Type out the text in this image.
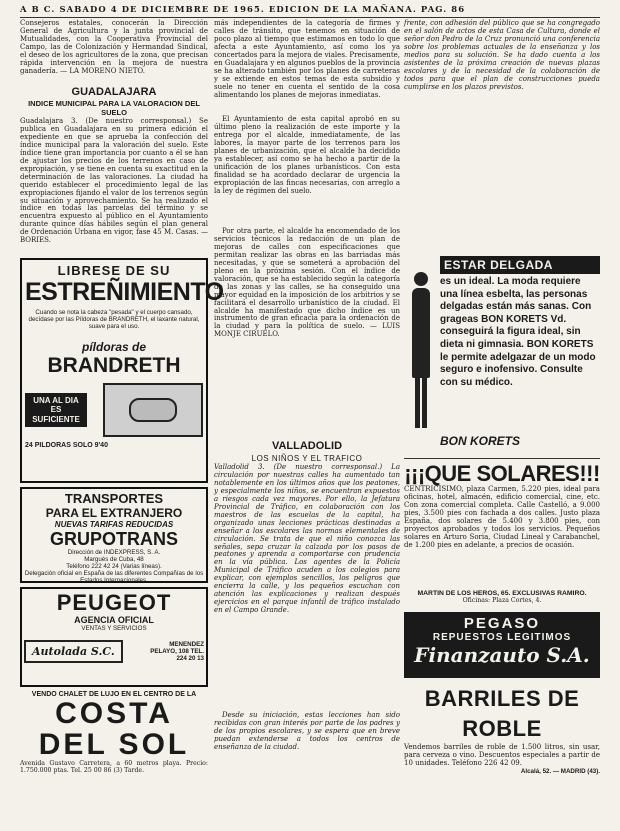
A B C. SABADO 4 DE DICIEMBRE DE 1965. EDICION DE LA MAÑANA. PAG. 86

Consejeros estatales, conocerán la Dirección General de Agricultura y la junta provincial de Mutualidades, con la Cooperativa Provincial del Campo, las de Colonización y Hermandad Sindical, el deseo de los agricultores de la zona, que precisan rápida intervención en la mejora de nuestra ganadería. — LA MORENO NIETO.

GUADALAJARA
INDICE MUNICIPAL PARA LA VALORACION DEL SUELO

Guadalajara 3. (De nuestro corresponsal.) Se publica en Guadalajara en su primera edición el expediente en que se aprueba la confección del índice municipal para la valoración del suelo. Este índice tiene gran importancia por cuanto a él se han de ajustar los precios de los terrenos en caso de expropiación, y se tiene en cuenta su exactitud en la determinación de las valoraciones. La ciudad ha querido establecer el procedimiento legal de las expropiaciones fijando el valor de los terrenos según su situación y aprovechamiento. Se ha realizado el índice en todas las parcelas del término y se encuentra expuesto al público en el Ayuntamiento durante quince días hábiles según el plan general de Ordenación Urbana en vigor, fase 45 M. Casas. — BORIES.

LIBRESE DE SU
ESTREÑIMIENTO
Cuando se nota la cabeza "pesada" y el cuerpo cansado, decídase por las Píldoras de BRANDRETH, el laxante natural, suave para el uso.
píldoras de
BRANDRETH
UNA AL DIA ES SUFICIENTE
24 PILDORAS SOLO 9'40
TRANSPORTES
PARA EL EXTRANJERO
NUEVAS TARIFAS REDUCIDAS
GRUPOTRANS
Dirección de INDEXPRESS, S. A.
Margués de Cuba, 48
Teléfono 222 42 24 (Varias líneas).
Delegación oficial en España de las diferentes Compañías de los Estados Internacionales.
PEUGEOT
AGENCIA OFICIAL
VENTAS Y SERVICIOS
Autolada S.C.
MENENDEZ PELAYO, 108 TEL. 224 20 13
VENDO CHALET DE LUJO EN EL CENTRO DE LA
COSTA
DEL SOL
Avenida Gustavo Carretera, a 60 metros playa. Precio: 1.750.000 ptas. Tel. 25 00 86 (3) Tarde.

más independientes de la categoría de firmes y calles de tránsito, que tenemos en situación de poco plazo al tiempo que estimamos en todo lo que afecta a este Ayuntamiento, así como los ya concertados para la mejora de viales. Precisamente, en Guadalajara y en algunos pueblos de la provincia se ha alterado también por los planes de carreteras y se extiende en estos temas de esta subsidio y suele no tener en cuenta el sentido de la cosa alimentando los planes de mejoras inmediatas.

El Ayuntamiento de esta capital aprobó en su último pleno la realización de este importe y la entrega por el alcalde, inmediatamente, de las labores, la mayor parte de los terrenos para los planes de urbanización, que el alcalde ha decidido ya establecer, así como se ha hecho a partir de la unificación de los planes urbanísticos. Con esta finalidad se ha acordado declarar de urgencia la expropiación de las fincas necesarias, con arreglo a la ley de régimen del suelo.

Por otra parte, el alcalde ha encomendado de los servicios técnicos la redacción de un plan de mejoras de calles con especificaciones que permitan realizar las obras en las barriadas más necesitadas, y que se someterá a aprobación del pleno en la próxima sesión. Con el índice de valoración, que se ha establecido según la categoría de las zonas y las calles, se ha conseguido una mayor equidad en la imposición de los arbitrios y se facilitará el desarrollo urbanístico de la ciudad. El alcalde ha manifestado que dicho índice es un instrumento de gran eficacia para la ordenación de la ciudad y para la política de suelo. — LUIS MONJE CIRUELO.

VALLADOLID
LOS NIÑOS Y EL TRAFICO

Valladolid 3. (De nuestro corresponsal.) La circulación por nuestras calles ha aumentado tan notablemente en los últimos años que los peatones, y especialmente los niños, se encuentran expuestos a riesgos cada vez mayores. Por ello, la Jefatura Provincial de Tráfico, en colaboración con los maestros de las escuelas de la capital, ha organizado unas lecciones prácticas destinadas a enseñar a los escolares las normas elementales de circulación. Se trata de que el niño conozca las señales, sepa cruzar la calzada por los pasos de peatones y aprenda a comportarse con prudencia en la vía pública. Los agentes de la Policía Municipal de Tráfico acuden a los colegios para explicar, con ejemplos sencillos, los peligros que encierra la calle, y los pequeños escuchan con atención las explicaciones y realizan después ejercicios en el parque infantil de tráfico instalado en el Campo Grande.

Desde su iniciación, estas lecciones han sido recibidas con gran interés por parte de los padres y de los propios escolares, y se espera que en breve puedan extenderse a todos los centros de enseñanza de la ciudad.

frente, con adhesión del público que se ha congregado en el salón de actos de esta Casa de Cultura, donde el señor don Pedro de la Cruz pronunció una conferencia sobre los problemas actuales de la enseñanza y los medios para su solución. Se ha dado cuenta a los asistentes de la próxima creación de nuevas plazas escolares y de la necesidad de la colaboración de todos para que el plan de construcciones pueda cumplirse en los plazos previstos.

ESTAR DELGADA
es un ideal. La moda requiere una línea esbelta, las personas delgadas están más sanas. Con grageas BON KORETS Vd. conseguirá la figura ideal, sin dieta ni gimnasia. BON KORETS le permite adelgazar de un modo seguro e inofensivo. Consulte con su médico.
BON KORETS
¡¡¡QUE SOLARES!!!

CENTRICISIMO, plaza Carmen, 5.220 pies, ideal para oficinas, hotel, almacén, edificio comercial, cine, etc. Con zona comercial completa. Calle Castelló, a 9.000 pies, 3.500 pies con fachada a dos calles. Justo plaza España, dos solares de 5.400 y 3.800 pies, con proyectos aprobados y todos los servicios. Pequeños solares en Arturo Soria, Ciudad Lineal y Carabanchel, de 1.200 pies en adelante, a precios de ocasión.

MARTIN DE LOS HEROS, 65. EXCLUSIVAS RAMIRO.
Oficinas: Plaza Cortes, 4.
PEGASO
REPUESTOS LEGITIMOS
Finanzauto S.A.
BARRILES DE ROBLE

Vendemos barriles de roble de 1.500 litros, sin usar, para cerveza o vino. Descuentos especiales a partir de 10 unidades. Teléfono 226 42 09.

Alcalá, 52. — MADRID (43).
